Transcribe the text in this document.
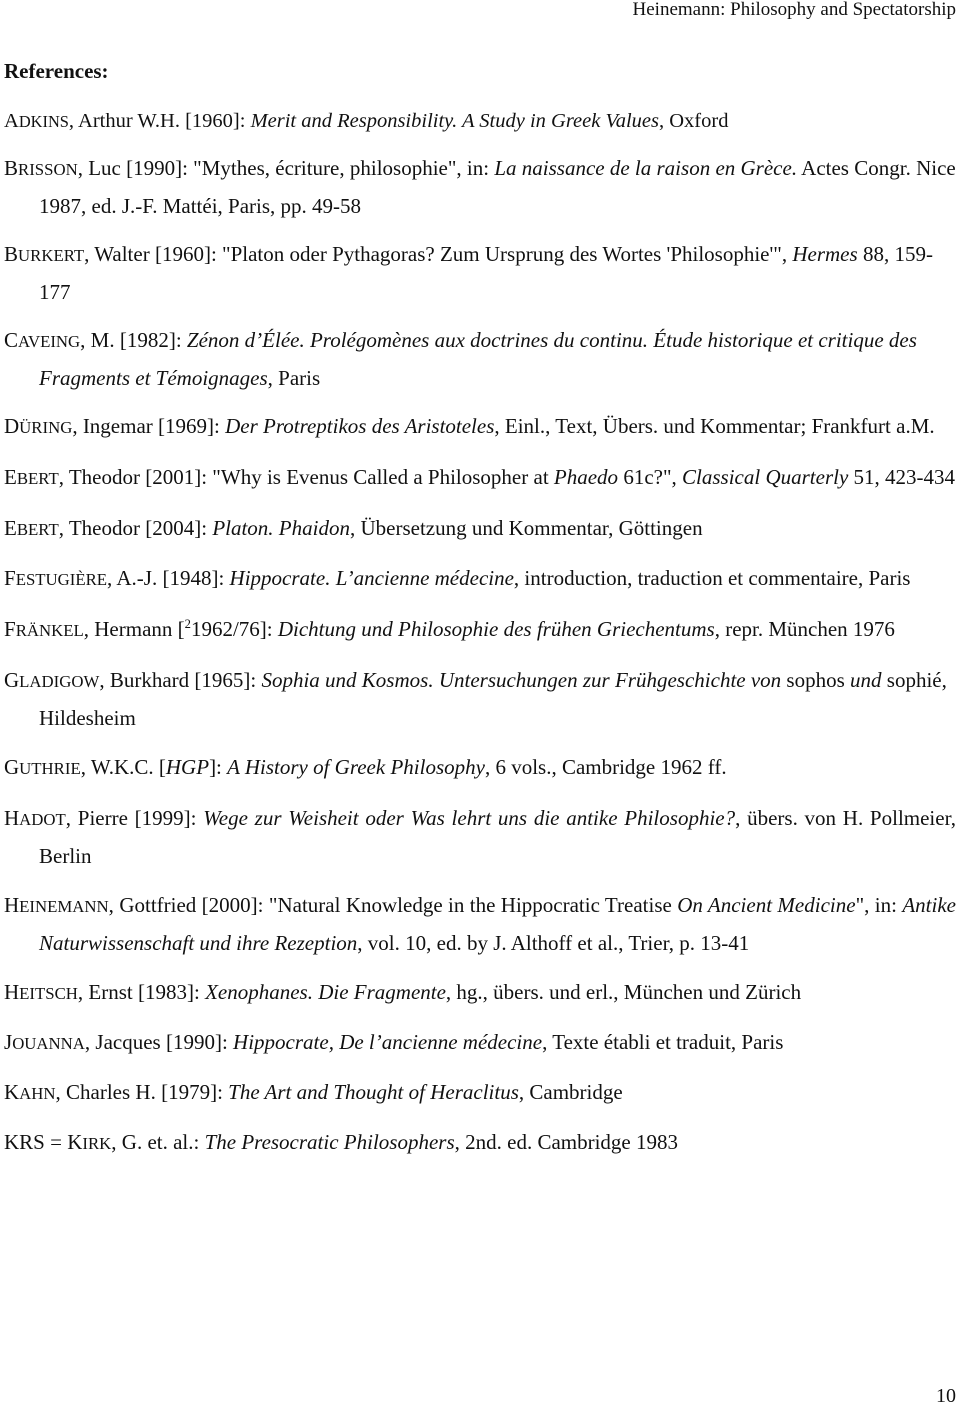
Heinemann: Philosophy and Spectatorship
References:
ADKINS, Arthur W.H. [1960]: Merit and Responsibility. A Study in Greek Values, Oxford
BRISSON, Luc [1990]: "Mythes, écriture, philosophie", in: La naissance de la raison en Grèce. Actes Congr. Nice 1987, ed. J.-F. Mattéi, Paris, pp. 49-58
BURKERT, Walter [1960]: "Platon oder Pythagoras? Zum Ursprung des Wortes 'Philosophie'", Hermes 88, 159-177
CAVEING, M. [1982]: Zénon d’Élée. Prolégomènes aux doctrines du continu. Étude historique et critique des Fragments et Témoignages, Paris
DÜRING, Ingemar [1969]: Der Protreptikos des Aristoteles, Einl., Text, Übers. und Kommentar; Frankfurt a.M.
EBERT, Theodor [2001]: "Why is Evenus Called a Philosopher at Phaedo 61c?", Classical Quarterly 51, 423-434
EBERT, Theodor [2004]: Platon. Phaidon, Übersetzung und Kommentar, Göttingen
FESTUGIÈRE, A.-J. [1948]: Hippocrate. L’ancienne médecine, introduction, traduction et commentaire, Paris
FRÄNKEL, Hermann [$^2$1962/76]: Dichtung und Philosophie des frühen Griechentums, repr. München 1976
GLADIGOW, Burkhard [1965]: Sophia und Kosmos. Untersuchungen zur Frühgeschichte von sophos und sophié, Hildesheim
GUTHRIE, W.K.C. [HGP]: A History of Greek Philosophy, 6 vols., Cambridge 1962 ff.
HADOT, Pierre [1999]: Wege zur Weisheit oder Was lehrt uns die antike Philosophie?, übers. von H. Pollmeier, Berlin
HEINEMANN, Gottfried [2000]: "Natural Knowledge in the Hippocratic Treatise On Ancient Medicine", in: Antike Naturwissenschaft und ihre Rezeption, vol. 10, ed. by J. Althoff et al., Trier, p. 13-41
HEITSCH, Ernst [1983]: Xenophanes. Die Fragmente, hg., übers. und erl., München und Zürich
JOUANNA, Jacques [1990]: Hippocrate, De l’ancienne médecine, Texte établi et traduit, Paris
KAHN, Charles H. [1979]: The Art and Thought of Heraclitus, Cambridge
KRS = KIRK, G. et. al.: The Presocratic Philosophers, 2nd. ed. Cambridge 1983
10
